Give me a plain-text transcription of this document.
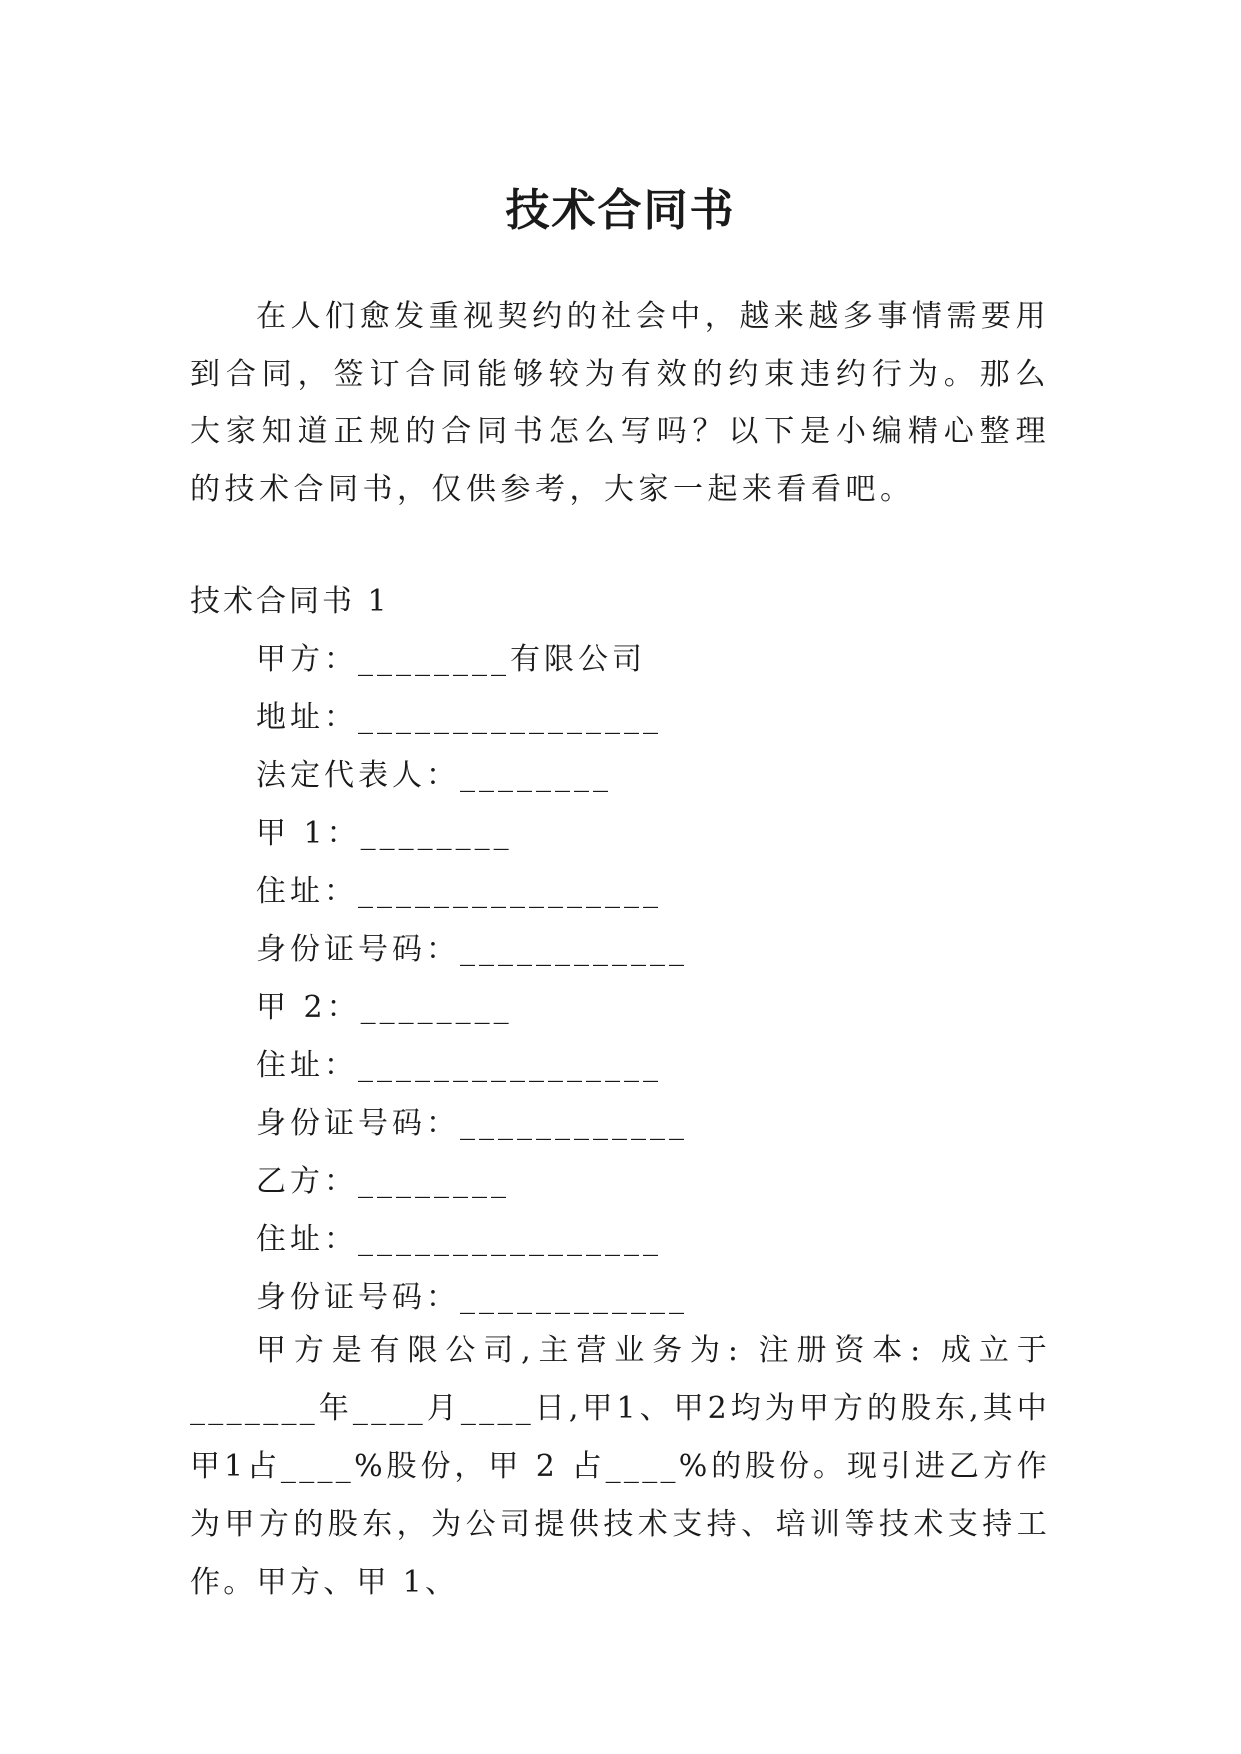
技术合同书

在人们愈发重视契约的社会中，越来越多事情需要用到合同，签订合同能够较为有效的约束违约行为。那么大家知道正规的合同书怎么写吗？以下是小编精心整理的技术合同书，仅供参考，大家一起来看看吧。

技术合同书 1
甲方：________有限公司
地址：________________
法定代表人：________
甲 1：________
住址：________________
身份证号码：____________
甲 2：________
住址：________________
身份证号码：____________
乙方：________
住址：________________
身份证号码：____________

甲方是有限公司,主营业务为: 注册资本: 成立于_______年____月____日,甲1、甲2均为甲方的股东,其中甲1占____%股份，甲 2 占____%的股份。现引进乙方作为甲方的股东，为公司提供技术支持、培训等技术支持工作。甲方、甲 1、
